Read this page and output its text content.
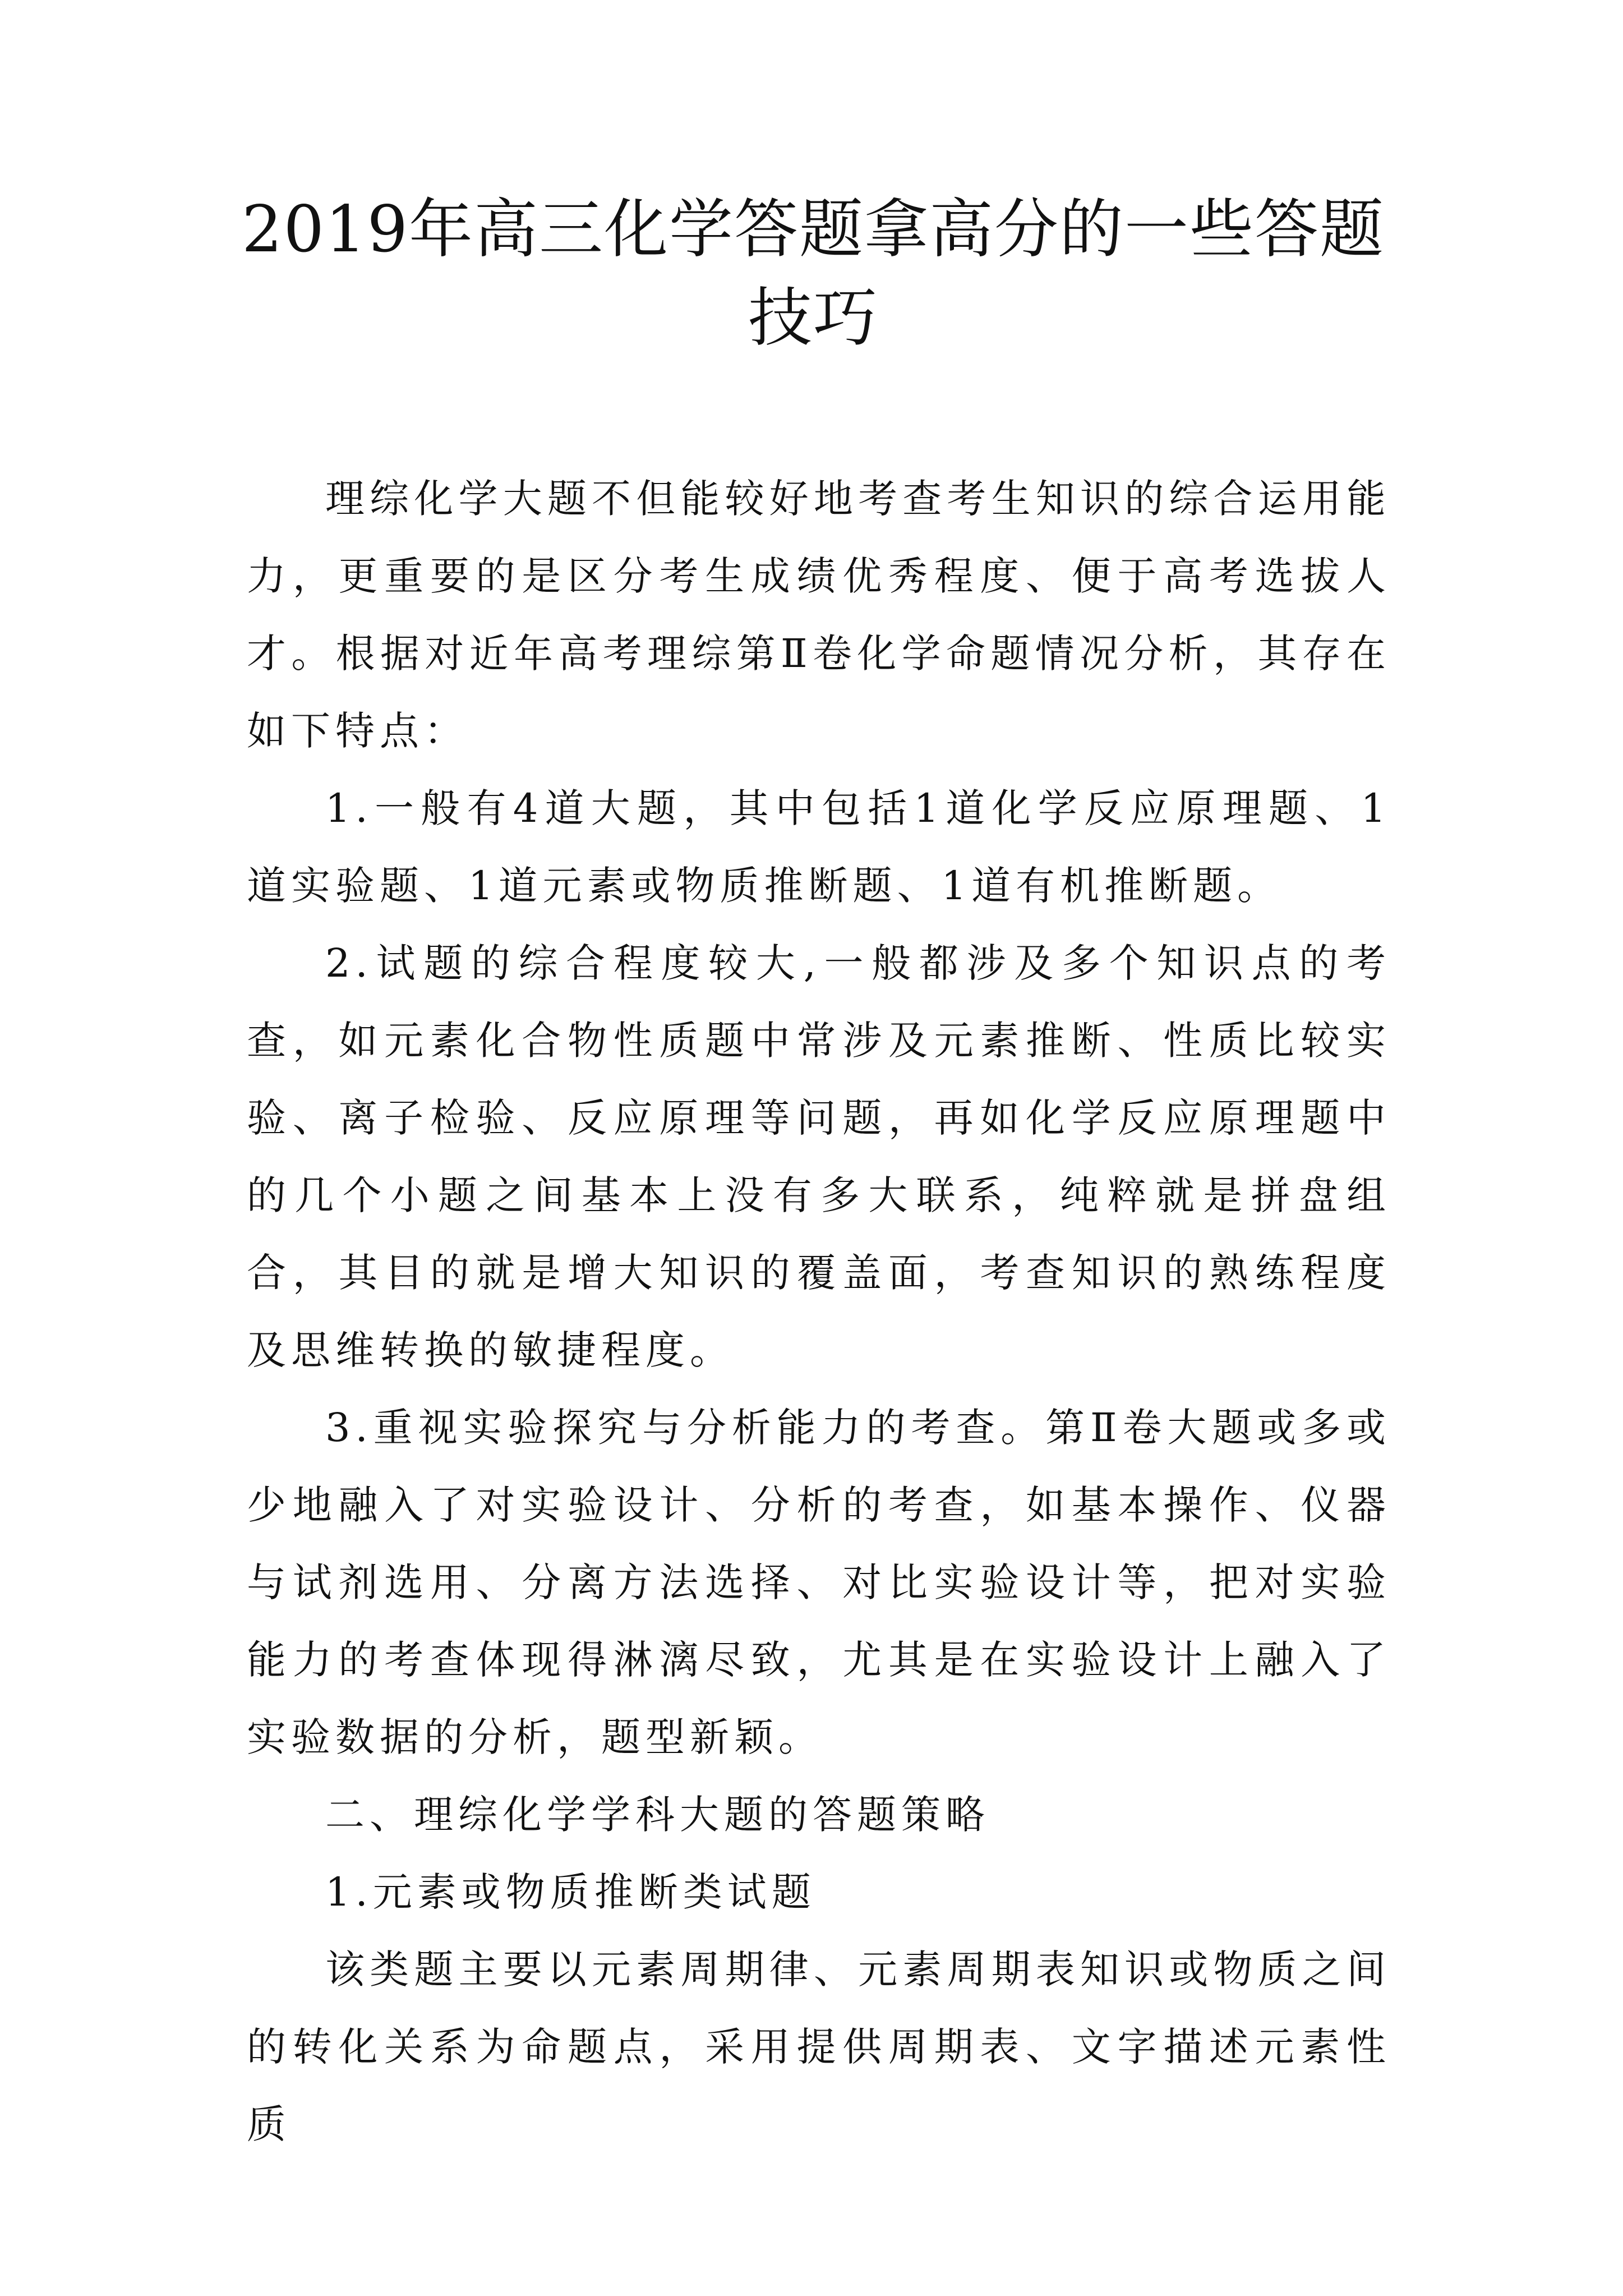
2019年高三化学答题拿高分的一些答题技巧

理综化学大题不但能较好地考查考生知识的综合运用能力，更重要的是区分考生成绩优秀程度、便于高考选拔人才。根据对近年高考理综第Ⅱ卷化学命题情况分析，其存在如下特点：

1.一般有4道大题，其中包括1道化学反应原理题、1道实验题、1道元素或物质推断题、1道有机推断题。

2.试题的综合程度较大,一般都涉及多个知识点的考查，如元素化合物性质题中常涉及元素推断、性质比较实验、离子检验、反应原理等问题，再如化学反应原理题中的几个小题之间基本上没有多大联系，纯粹就是拼盘组合，其目的就是增大知识的覆盖面，考查知识的熟练程度及思维转换的敏捷程度。

3.重视实验探究与分析能力的考查。第Ⅱ卷大题或多或少地融入了对实验设计、分析的考查，如基本操作、仪器与试剂选用、分离方法选择、对比实验设计等，把对实验能力的考查体现得淋漓尽致，尤其是在实验设计上融入了实验数据的分析，题型新颖。

二、理综化学学科大题的答题策略

1.元素或物质推断类试题

该类题主要以元素周期律、元素周期表知识或物质之间的转化关系为命题点，采用提供周期表、文字描述元素性质
